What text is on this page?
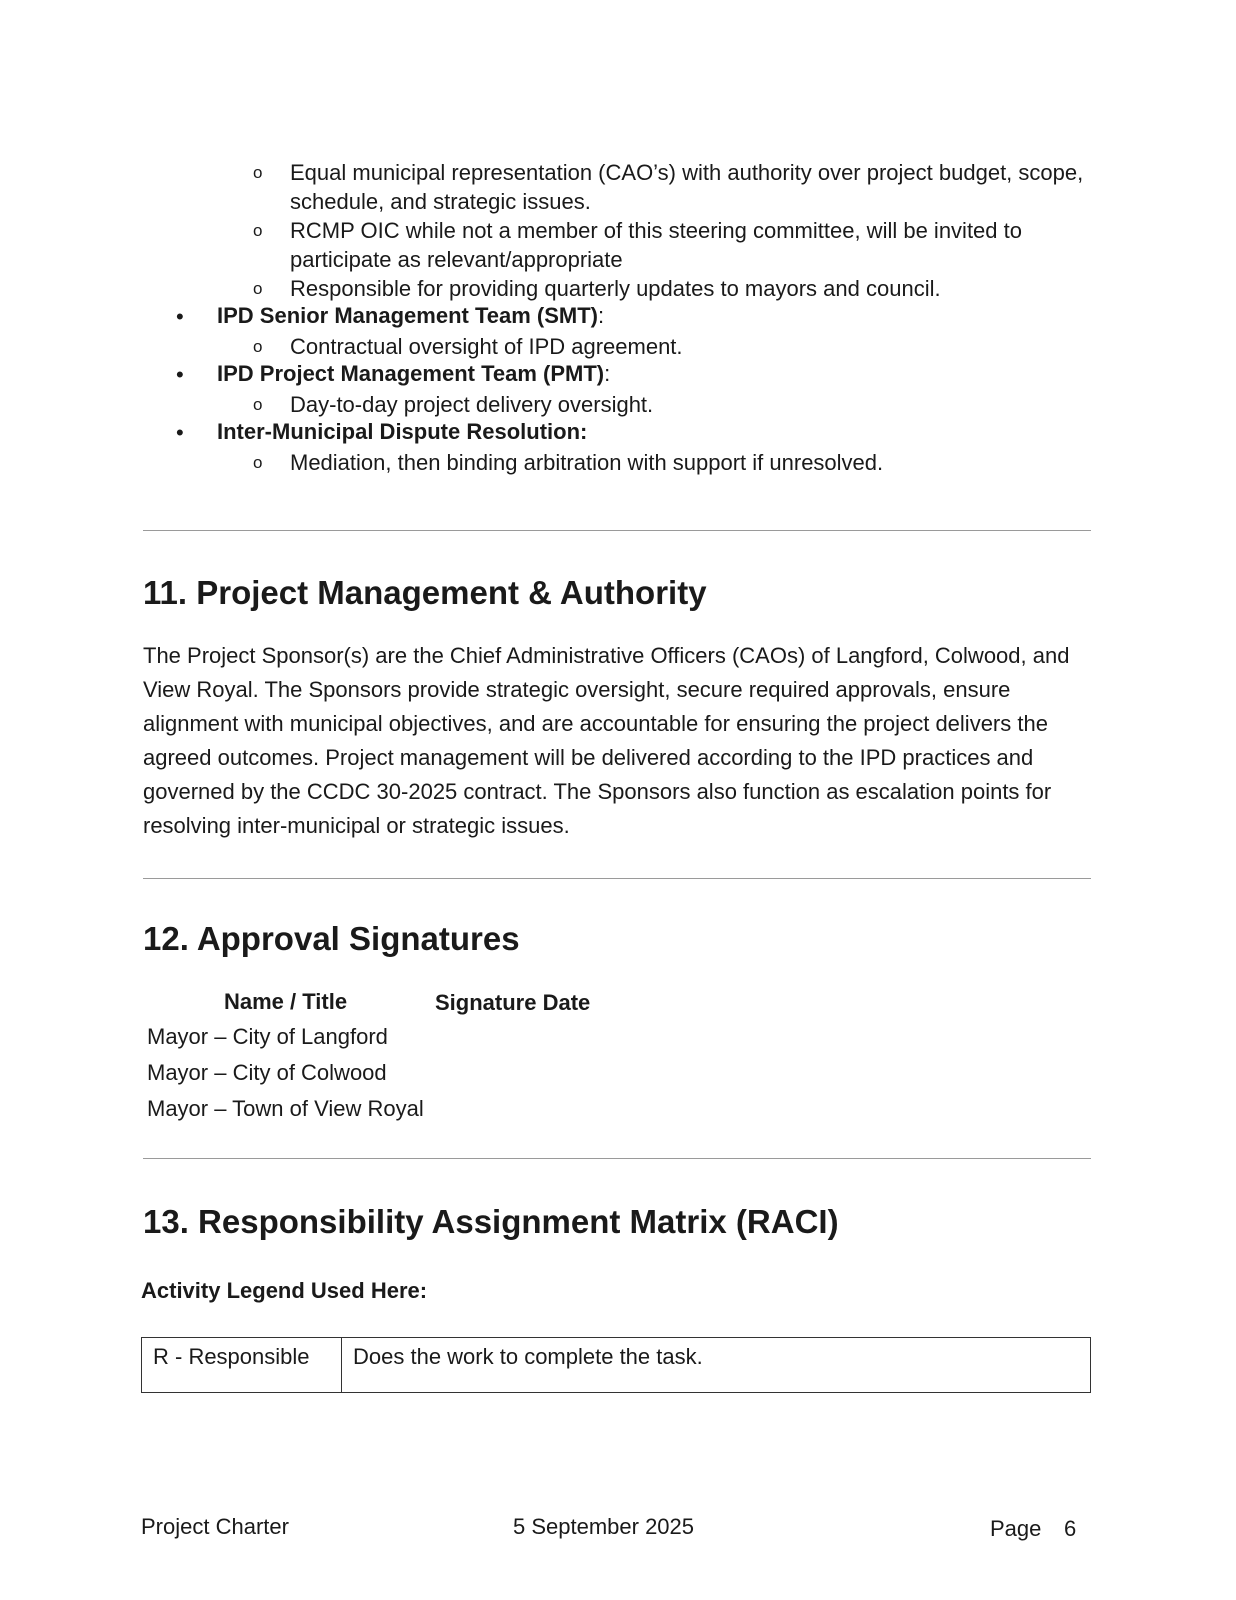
o Equal municipal representation (CAO’s) with authority over project budget, scope, schedule, and strategic issues.
o RCMP OIC while not a member of this steering committee, will be invited to participate as relevant/appropriate
o Responsible for providing quarterly updates to mayors and council.
• IPD Senior Management Team (SMT):
o Contractual oversight of IPD agreement.
• IPD Project Management Team (PMT):
o Day-to-day project delivery oversight.
• Inter-Municipal Dispute Resolution:
o Mediation, then binding arbitration with support if unresolved.
11. Project Management & Authority
The Project Sponsor(s) are the Chief Administrative Officers (CAOs) of Langford, Colwood, and View Royal. The Sponsors provide strategic oversight, secure required approvals, ensure alignment with municipal objectives, and are accountable for ensuring the project delivers the agreed outcomes. Project management will be delivered according to the IPD practices and governed by the CCDC 30-2025 contract. The Sponsors also function as escalation points for resolving inter-municipal or strategic issues.
12. Approval Signatures
Name / Title	Signature Date
Mayor – City of Langford
Mayor – City of Colwood
Mayor – Town of View Royal
13. Responsibility Assignment Matrix (RACI)
Activity Legend Used Here:
R - Responsible	Does the work to complete the task.
Project Charter	5 September 2025	Page 6
